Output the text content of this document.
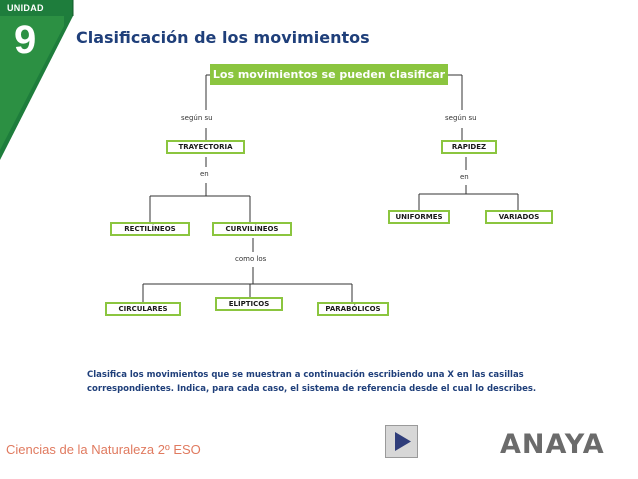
UNIDAD
9 Clasificación de los movimientos
Los movimientos se pueden clasificar
según su	según su
TRAYECTORIA	RAPIDEZ
en	en
UNIFORMES	VARIADOS
RECTILÍNEOS	CURVILÍNEOS
como los
ELÍPTICOS
CIRCULARES	PARABÓLICOS
Clasifica los movimientos que se muestran a continuación escribiendo una X en las casillas correspondientes. Indica, para cada caso, el sistema de referencia desde el cual lo describes.
Ciencias de la Naturaleza 2º ESO	ANAYA
